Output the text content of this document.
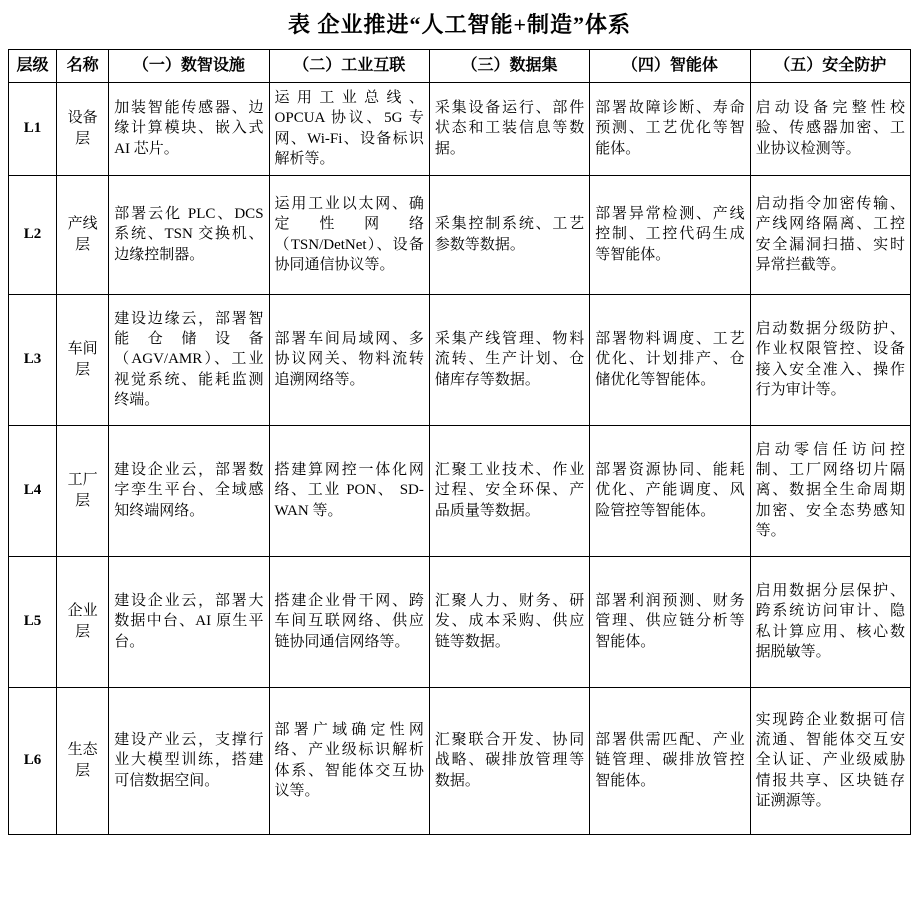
表 企业推进“人工智能+制造”体系
层级	名称	（一）数智设施	（二）工业互联	（三）数据集	（四）智能体	（五）安全防护
L1	设备层	加装智能传感器、边缘计算模块、嵌入式 AI 芯片。	运用工业总线、OPCUA 协议、5G 专网、Wi-Fi、设备标识解析等。	采集设备运行、部件状态和工装信息等数据。	部署故障诊断、寿命预测、工艺优化等智能体。	启动设备完整性校验、传感器加密、工业协议检测等。
L2	产线层	部署云化 PLC、DCS 系统、TSN 交换机、边缘控制器。	运用工业以太网、确定性网络（TSN/DetNet）、设备协同通信协议等。	采集控制系统、工艺参数等数据。	部署异常检测、产线控制、工控代码生成等智能体。	启动指令加密传输、产线网络隔离、工控安全漏洞扫描、实时异常拦截等。
L3	车间层	建设边缘云，部署智能仓储设备（AGV/AMR）、工业视觉系统、能耗监测终端。	部署车间局域网、多协议网关、物料流转追溯网络等。	采集产线管理、物料流转、生产计划、仓储库存等数据。	部署物料调度、工艺优化、计划排产、仓储优化等智能体。	启动数据分级防护、作业权限管控、设备接入安全准入、操作行为审计等。
L4	工厂层	建设企业云，部署数字孪生平台、全域感知终端网络。	搭建算网控一体化网络、工业 PON、 SD-WAN 等。	汇聚工业技术、作业过程、安全环保、产品质量等数据。	部署资源协同、能耗优化、产能调度、风险管控等智能体。	启动零信任访问控制、工厂网络切片隔离、数据全生命周期加密、安全态势感知等。
L5	企业层	建设企业云，部署大数据中台、AI 原生平台。	搭建企业骨干网、跨车间互联网络、供应链协同通信网络等。	汇聚人力、财务、研发、成本采购、供应链等数据。	部署利润预测、财务管理、供应链分析等智能体。	启用数据分层保护、跨系统访问审计、隐私计算应用、核心数据脱敏等。
L6	生态层	建设产业云，支撑行业大模型训练，搭建可信数据空间。	部署广域确定性网络、产业级标识解析体系、智能体交互协议等。	汇聚联合开发、协同战略、碳排放管理等数据。	部署供需匹配、产业链管理、碳排放管控智能体。	实现跨企业数据可信流通、智能体交互安全认证、产业级威胁情报共享、区块链存证溯源等。
